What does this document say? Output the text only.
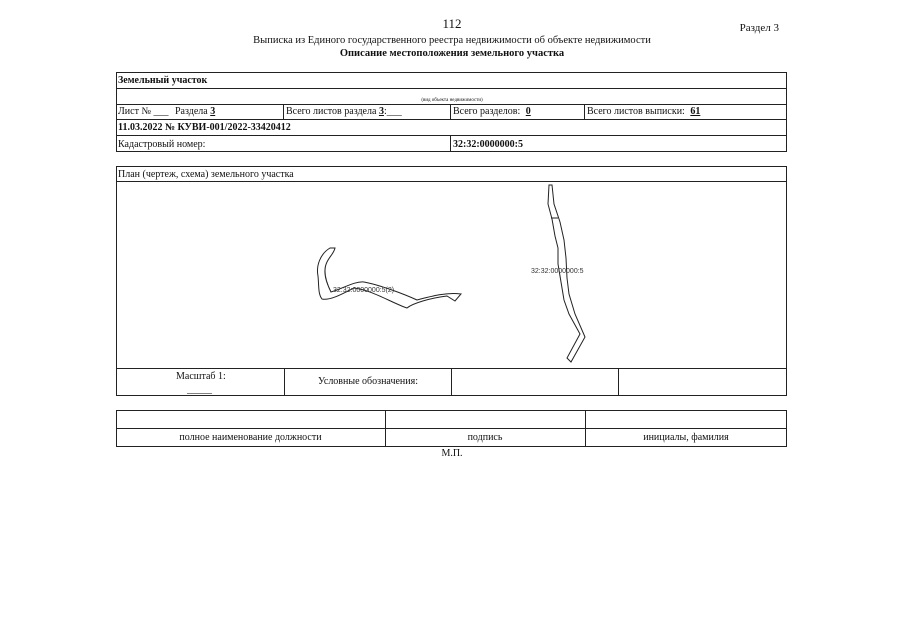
112	Раздел 3
Выписка из Единого государственного реестра недвижимости об объекте недвижимости
Описание местоположения земельного участка
Земельный участок
(вид объекта недвижимости)
Лист № ___ Раздела 3	Всего листов раздела 3:___	Всего разделов: 0	Всего листов выписки: 61
11.03.2022 № КУВИ-001/2022-33420412
Кадастровый номер:	32:32:0000000:5
План (чертеж, схема) земельного участка
32:32:0000000:5(2)
32:32:0000000:5
Масштаб 1:
_____
Условные обозначения:
полное наименование должности	подпись	инициалы, фамилия
М.П.
